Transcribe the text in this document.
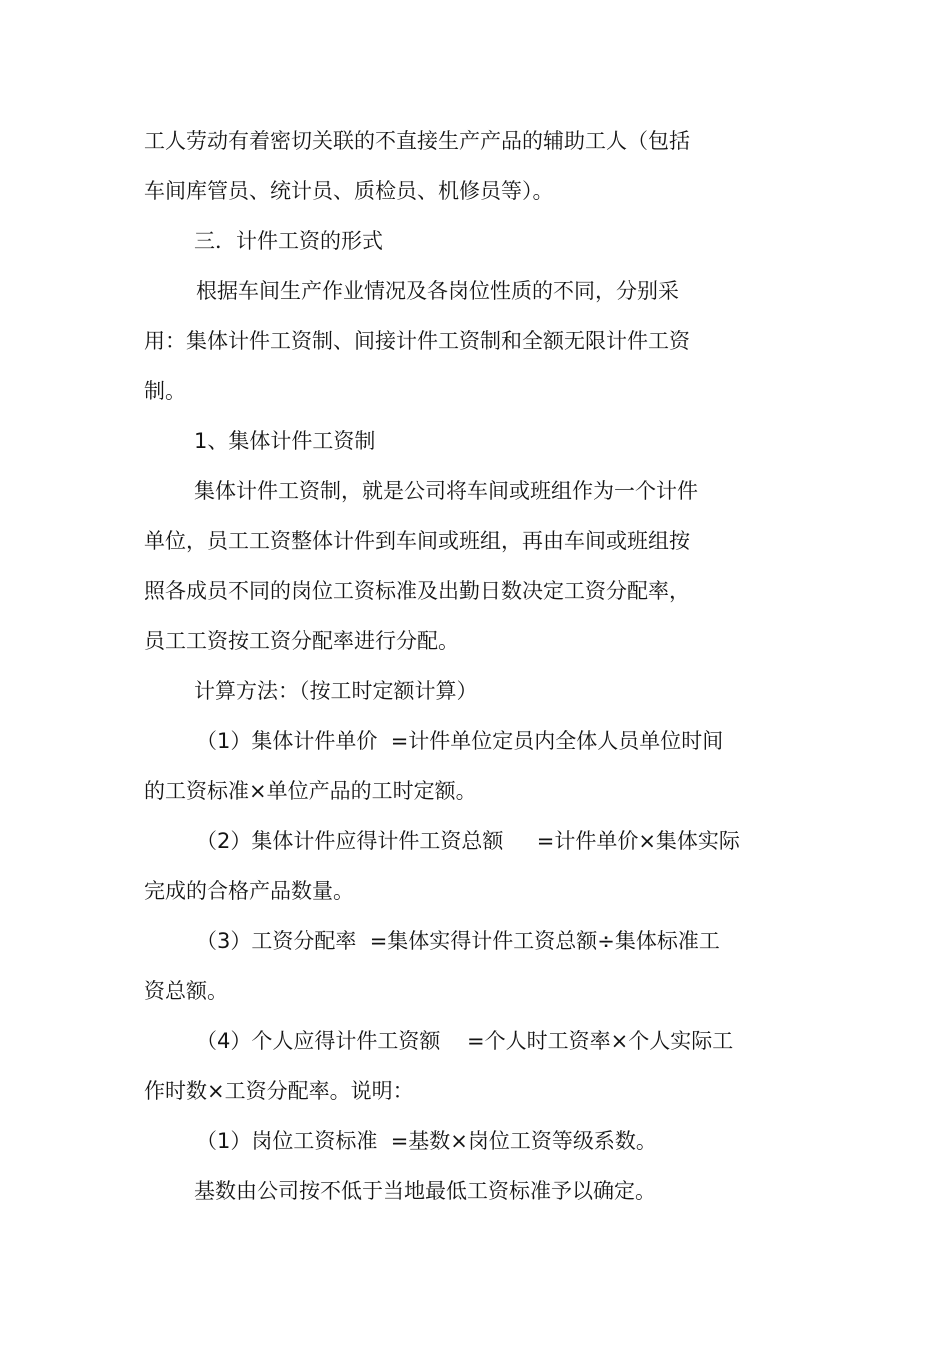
工人劳动有着密切关联的不直接生产产品的辅助工人（包括

车间库管员、统计员、质检员、机修员等）。

三．计件工资的形式

根据车间生产作业情况及各岗位性质的不同，分别采

用：集体计件工资制、间接计件工资制和全额无限计件工资

制。

1、集体计件工资制

集体计件工资制，就是公司将车间或班组作为一个计件

单位，员工工资整体计件到车间或班组，再由车间或班组按

照各成员不同的岗位工资标准及出勤日数决定工资分配率，

员工工资按工资分配率进行分配。

计算方法：（按工时定额计算）

（1）集体计件单价  =计件单位定员内全体人员单位时间

的工资标准×单位产品的工时定额。

（2）集体计件应得计件工资总额     =计件单价×集体实际

完成的合格产品数量。

（3）工资分配率  =集体实得计件工资总额÷集体标准工

资总额。

（4）个人应得计件工资额    =个人时工资率×个人实际工

作时数×工资分配率。说明：

（1）岗位工资标准  =基数×岗位工资等级系数。

基数由公司按不低于当地最低工资标准予以确定。
